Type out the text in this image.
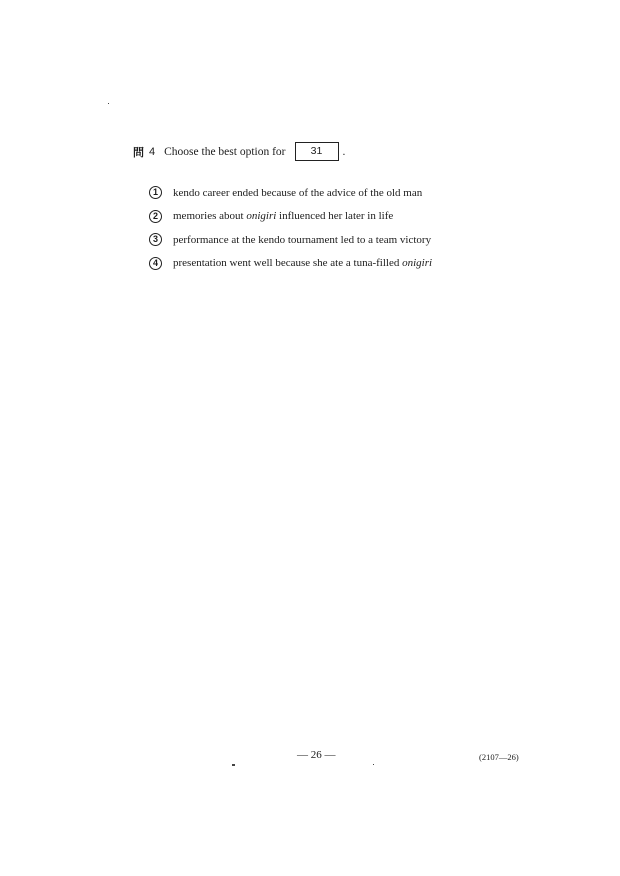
問 4 Choose the best option for	31	.
1	kendo career ended because of the advice of the old man
2	memories about onigiri influenced her later in life
3	performance at the kendo tournament led to a team victory
4	presentation went well because she ate a tuna-filled onigiri
— 26 —	(2107—26)
